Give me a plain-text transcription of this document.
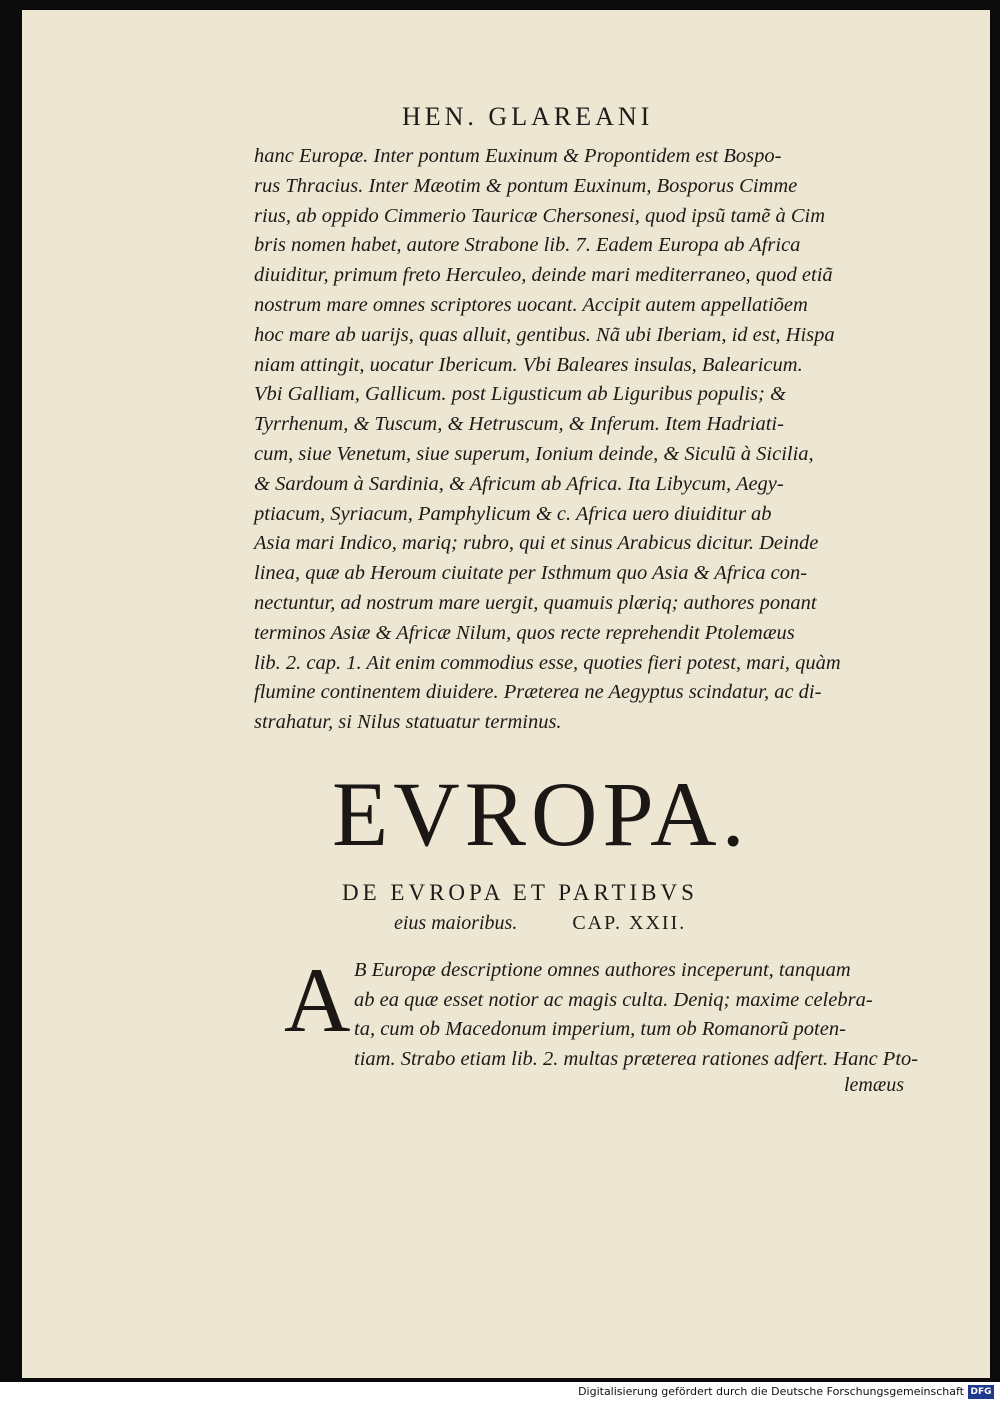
HEN. GLAREANI
hanc Europæ. Inter pontum Euxinum & Propontidem est Bospo-
rus Thracius. Inter Mæotim & pontum Euxinum, Bosporus Cimme
rius, ab oppido Cimmerio Tauricæ Chersonesi, quod ipsũ tamẽ à Cim
bris nomen habet, autore Strabone lib. 7. Eadem Europa ab Africa
diuiditur, primum freto Herculeo, deinde mari mediterraneo, quod etiã
nostrum mare omnes scriptores uocant. Accipit autem appellatiõem
hoc mare ab uarijs, quas alluit, gentibus. Nã ubi Iberiam, id est, Hispa
niam attingit, uocatur Ibericum. Vbi Baleares insulas, Balearicum.
Vbi Galliam, Gallicum. post Ligusticum ab Liguribus populis; &
Tyrrhenum, & Tuscum, & Hetruscum, & Inferum. Item Hadriati-
cum, siue Venetum, siue superum, Ionium deinde, & Siculũ à Sicilia,
& Sardoum à Sardinia, & Africum ab Africa. Ita Libycum, Aegy-
ptiacum, Syriacum, Pamphylicum & c. Africa uero diuiditur ab
Asia mari Indico, mariq; rubro, qui et sinus Arabicus dicitur. Deinde
linea, quæ ab Heroum ciuitate per Isthmum quo Asia & Africa con-
nectuntur, ad nostrum mare uergit, quamuis plæriq; authores ponant
terminos Asiæ & Africæ Nilum, quos recte reprehendit Ptolemæus
lib. 2. cap. 1. Ait enim commodius esse, quoties fieri potest, mari, quàm
flumine continentem diuidere. Præterea ne Aegyptus scindatur, ac di-
strahatur, si Nilus statuatur terminus.
EVROPA.
DE EVROPA ET PARTIBVS
eius maioribus.	CAP. XXII.
A B Europæ descriptione omnes authores inceperunt, tanquam
ab ea quæ esset notior ac magis culta. Deniq; maxime celebra-
ta, cum ob Macedonum imperium, tum ob Romanorũ poten-
tiam. Strabo etiam lib. 2. multas præterea rationes adfert. Hanc Pto-
lemæus
Digitalisierung gefördert durch die Deutsche Forschungsgemeinschaft DFG
